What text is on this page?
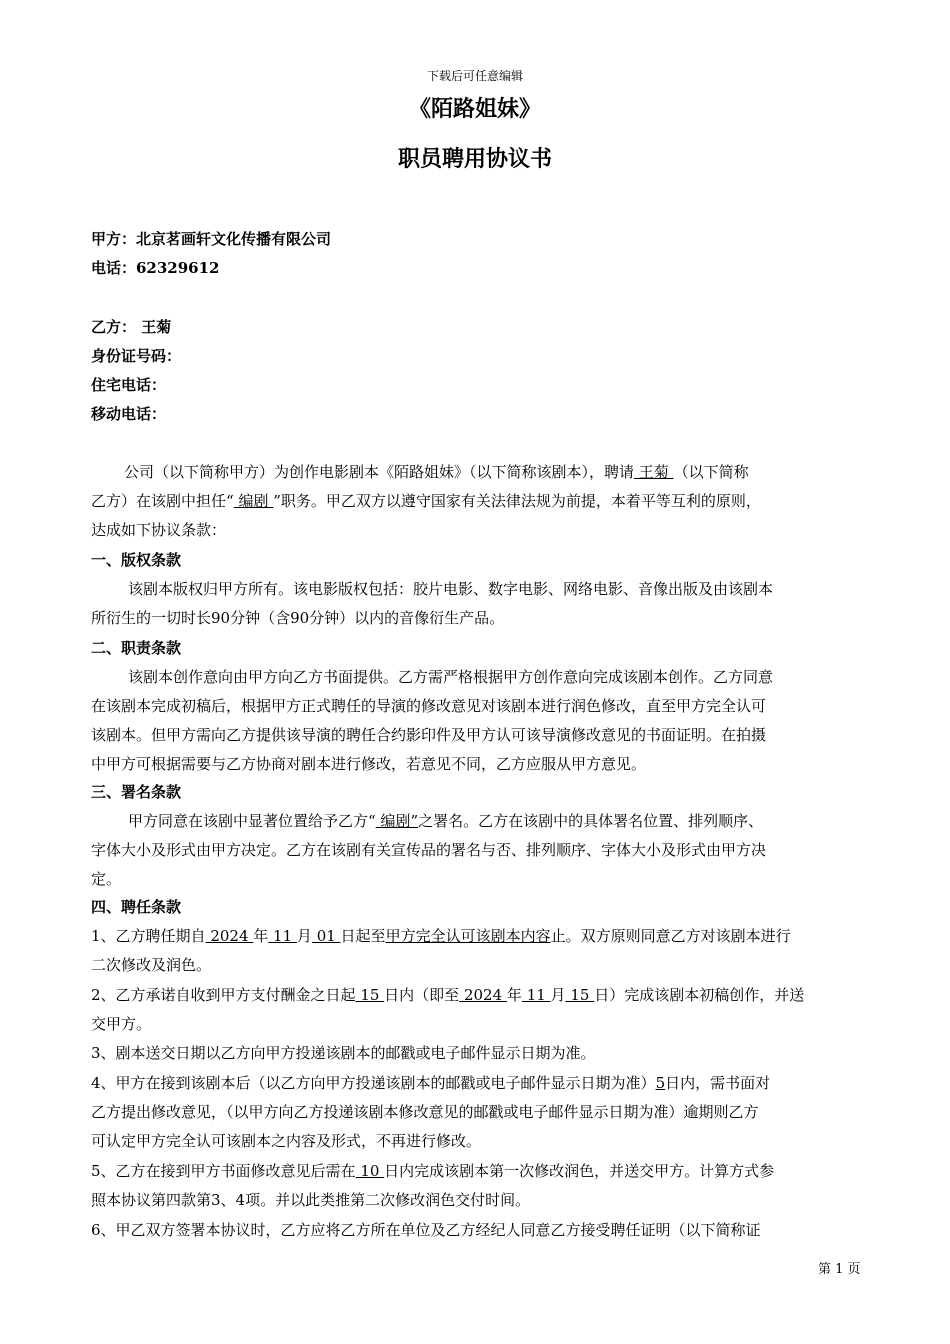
下载后可任意编辑
《陌路姐妹》
职员聘用协议书
甲方：北京茗画轩文化传播有限公司
电话：62329612
乙方： 王菊
身份证号码：
住宅电话：
移动电话：
公司（以下简称甲方）为创作电影剧本《陌路姐妹》（以下简称该剧本），聘请 王菊 （以下简称
乙方）在该剧中担任“ 编剧 ”职务。甲乙双方以遵守国家有关法律法规为前提，本着平等互利的原则，
达成如下协议条款：
一、版权条款
该剧本版权归甲方所有。该电影版权包括：胶片电影、数字电影、网络电影、音像出版及由该剧本
所衍生的一切时长90分钟（含90分钟）以内的音像衍生产品。
二、职责条款
该剧本创作意向由甲方向乙方书面提供。乙方需严格根据甲方创作意向完成该剧本创作。乙方同意
在该剧本完成初稿后，根据甲方正式聘任的导演的修改意见对该剧本进行润色修改，直至甲方完全认可
该剧本。但甲方需向乙方提供该导演的聘任合约影印件及甲方认可该导演修改意见的书面证明。在拍摄
中甲方可根据需要与乙方协商对剧本进行修改，若意见不同，乙方应服从甲方意见。
三、署名条款
甲方同意在该剧中显著位置给予乙方“ 编剧”之署名。乙方在该剧中的具体署名位置、排列顺序、
字体大小及形式由甲方决定。乙方在该剧有关宣传品的署名与否、排列顺序、字体大小及形式由甲方决
定。
四、聘任条款
1、乙方聘任期自 2024 年 11 月 01 日起至甲方完全认可该剧本内容止。双方原则同意乙方对该剧本进行
二次修改及润色。
2、乙方承诺自收到甲方支付酬金之日起 15 日内（即至 2024 年 11 月 15 日）完成该剧本初稿创作，并送
交甲方。
3、剧本送交日期以乙方向甲方投递该剧本的邮戳或电子邮件显示日期为准。
4、甲方在接到该剧本后（以乙方向甲方投递该剧本的邮戳或电子邮件显示日期为准）5日内，需书面对
乙方提出修改意见，（以甲方向乙方投递该剧本修改意见的邮戳或电子邮件显示日期为准）逾期则乙方
可认定甲方完全认可该剧本之内容及形式，不再进行修改。
5、乙方在接到甲方书面修改意见后需在 10 日内完成该剧本第一次修改润色，并送交甲方。计算方式参
照本协议第四款第3、4项。并以此类推第二次修改润色交付时间。
6、甲乙双方签署本协议时，乙方应将乙方所在单位及乙方经纪人同意乙方接受聘任证明（以下简称证
第 1 页
